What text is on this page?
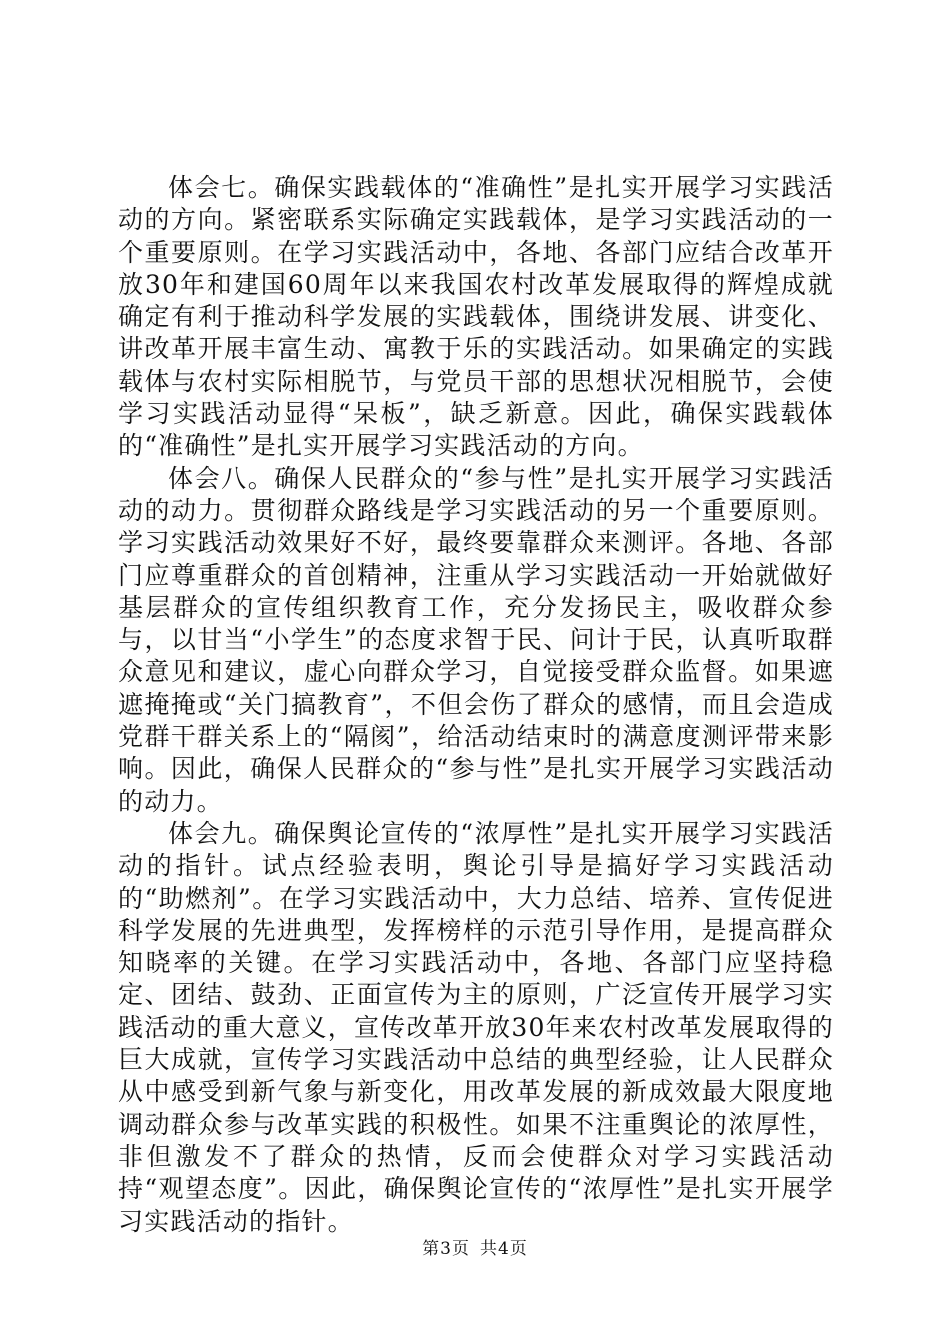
体会七。确保实践载体的“准确性”是扎实开展学习实践活动的方向。紧密联系实际确定实践载体，是学习实践活动的一个重要原则。在学习实践活动中，各地、各部门应结合改革开放30年和建国60周年以来我国农村改革发展取得的辉煌成就确定有利于推动科学发展的实践载体，围绕讲发展、讲变化、讲改革开展丰富生动、寓教于乐的实践活动。如果确定的实践载体与农村实际相脱节，与党员干部的思想状况相脱节，会使学习实践活动显得“呆板”，缺乏新意。因此，确保实践载体的“准确性”是扎实开展学习实践活动的方向。

体会八。确保人民群众的“参与性”是扎实开展学习实践活动的动力。贯彻群众路线是学习实践活动的另一个重要原则。学习实践活动效果好不好，最终要靠群众来测评。各地、各部门应尊重群众的首创精神，注重从学习实践活动一开始就做好基层群众的宣传组织教育工作，充分发扬民主，吸收群众参与，以甘当“小学生”的态度求智于民、问计于民，认真听取群众意见和建议，虚心向群众学习，自觉接受群众监督。如果遮遮掩掩或“关门搞教育”，不但会伤了群众的感情，而且会造成党群干群关系上的“隔阂”，给活动结束时的满意度测评带来影响。因此，确保人民群众的“参与性”是扎实开展学习实践活动的动力。

体会九。确保舆论宣传的“浓厚性”是扎实开展学习实践活动的指针。试点经验表明，舆论引导是搞好学习实践活动的“助燃剂”。在学习实践活动中，大力总结、培养、宣传促进科学发展的先进典型，发挥榜样的示范引导作用，是提高群众知晓率的关键。在学习实践活动中，各地、各部门应坚持稳定、团结、鼓劲、正面宣传为主的原则，广泛宣传开展学习实践活动的重大意义，宣传改革开放30年来农村改革发展取得的巨大成就，宣传学习实践活动中总结的典型经验，让人民群众从中感受到新气象与新变化，用改革发展的新成效最大限度地调动群众参与改革实践的积极性。如果不注重舆论的浓厚性，非但激发不了群众的热情，反而会使群众对学习实践活动持“观望态度”。因此，确保舆论宣传的“浓厚性”是扎实开展学习实践活动的指针。

第3页 共4页
